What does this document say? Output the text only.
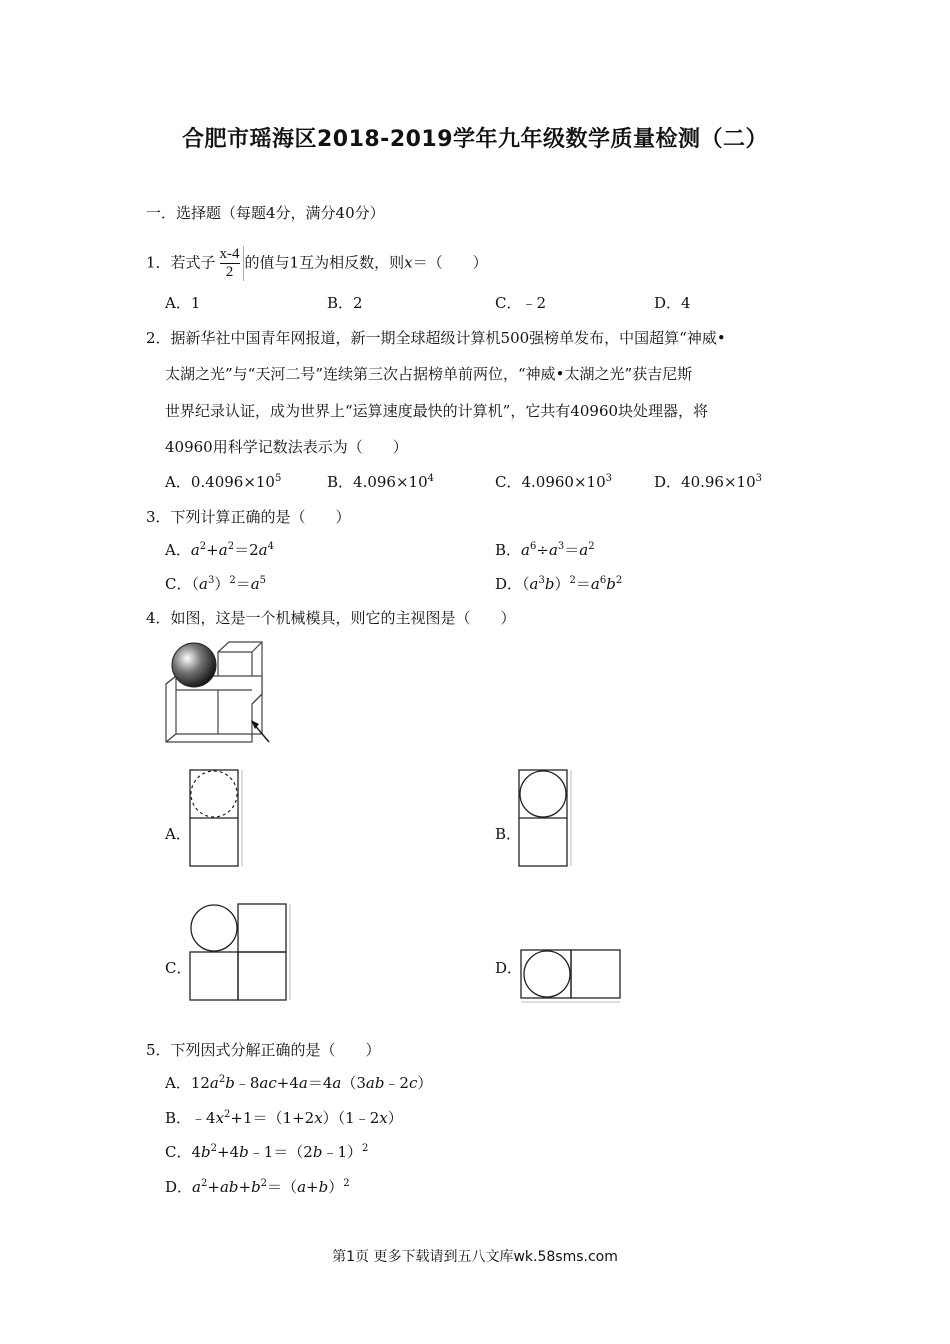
合肥市瑶海区2018-2019学年九年级数学质量检测（二）
一．选择题（每题4分，满分40分）
1．若式子 $\frac{x-4}{2}$ 的值与1互为相反数，则x＝（　　）
A．1	B．2	C．﹣2	D．4
2．据新华社中国青年网报道，新一期全球超级计算机500强榜单发布，中国超算“神威•
太湖之光”与“天河二号”连续第三次占据榜单前两位，“神威•太湖之光”获吉尼斯
世界纪录认证，成为世界上“运算速度最快的计算机”，它共有40960块处理器，将
40960用科学记数法表示为（　　）
A．$0.4096\times 10^5$	B．$4.096\times 10^4$	C．$4.0960\times 10^3$	D．$40.96\times 10^3$
3．下列计算正确的是（　　）
A．$a^2+a^2=2a^4$	B．$a^6\div a^3=a^2$
C．$(a^3)^2=a^5$	D．$(a^3b)^2=a^6b^2$
4．如图，这是一个机械模具，则它的主视图是（　　）
A．	B．
C．	D．
5．下列因式分解正确的是（　　）
A．$12a^2b﹣8ac+4a=4a(3ab﹣2c)$
B．$﹣4x^2+1=(1+2x)(1﹣2x)$
C．$4b^2+4b﹣1=(2b﹣1)^2$
D．$a^2+ab+b^2=(a+b)^2$
第1页 更多下载请到五八文库wk.58sms.com
